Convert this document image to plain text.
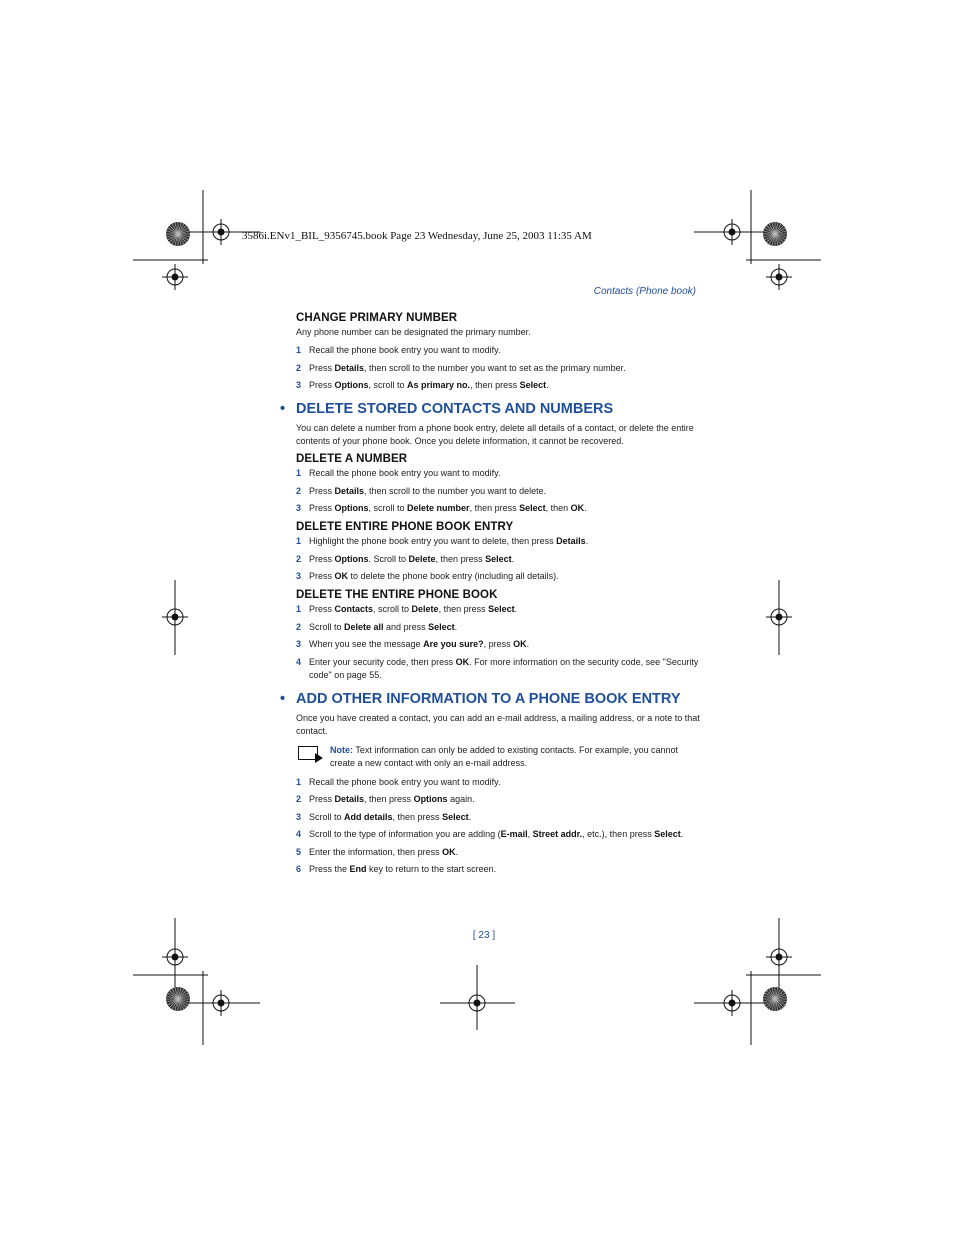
3586i.ENv1_BIL_9356745.book Page 23 Wednesday, June 25, 2003 11:35 AM
Contacts (Phone book)
CHANGE PRIMARY NUMBER
Any phone number can be designated the primary number.
1 Recall the phone book entry you want to modify.
2 Press Details, then scroll to the number you want to set as the primary number.
3 Press Options, scroll to As primary no., then press Select.
• DELETE STORED CONTACTS AND NUMBERS
You can delete a number from a phone book entry, delete all details of a contact, or delete the entire contents of your phone book. Once you delete information, it cannot be recovered.
DELETE A NUMBER
1 Recall the phone book entry you want to modify.
2 Press Details, then scroll to the number you want to delete.
3 Press Options, scroll to Delete number, then press Select, then OK.
DELETE ENTIRE PHONE BOOK ENTRY
1 Highlight the phone book entry you want to delete, then press Details.
2 Press Options. Scroll to Delete, then press Select.
3 Press OK to delete the phone book entry (including all details).
DELETE THE ENTIRE PHONE BOOK
1 Press Contacts, scroll to Delete, then press Select.
2 Scroll to Delete all and press Select.
3 When you see the message Are you sure?, press OK.
4 Enter your security code, then press OK. For more information on the security code, see "Security code" on page 55.
• ADD OTHER INFORMATION TO A PHONE BOOK ENTRY
Once you have created a contact, you can add an e-mail address, a mailing address, or a note to that contact.
Note: Text information can only be added to existing contacts. For example, you cannot create a new contact with only an e-mail address.
1 Recall the phone book entry you want to modify.
2 Press Details, then press Options again.
3 Scroll to Add details, then press Select.
4 Scroll to the type of information you are adding (E-mail, Street addr., etc.), then press Select.
5 Enter the information, then press OK.
6 Press the End key to return to the start screen.
[ 23 ]
